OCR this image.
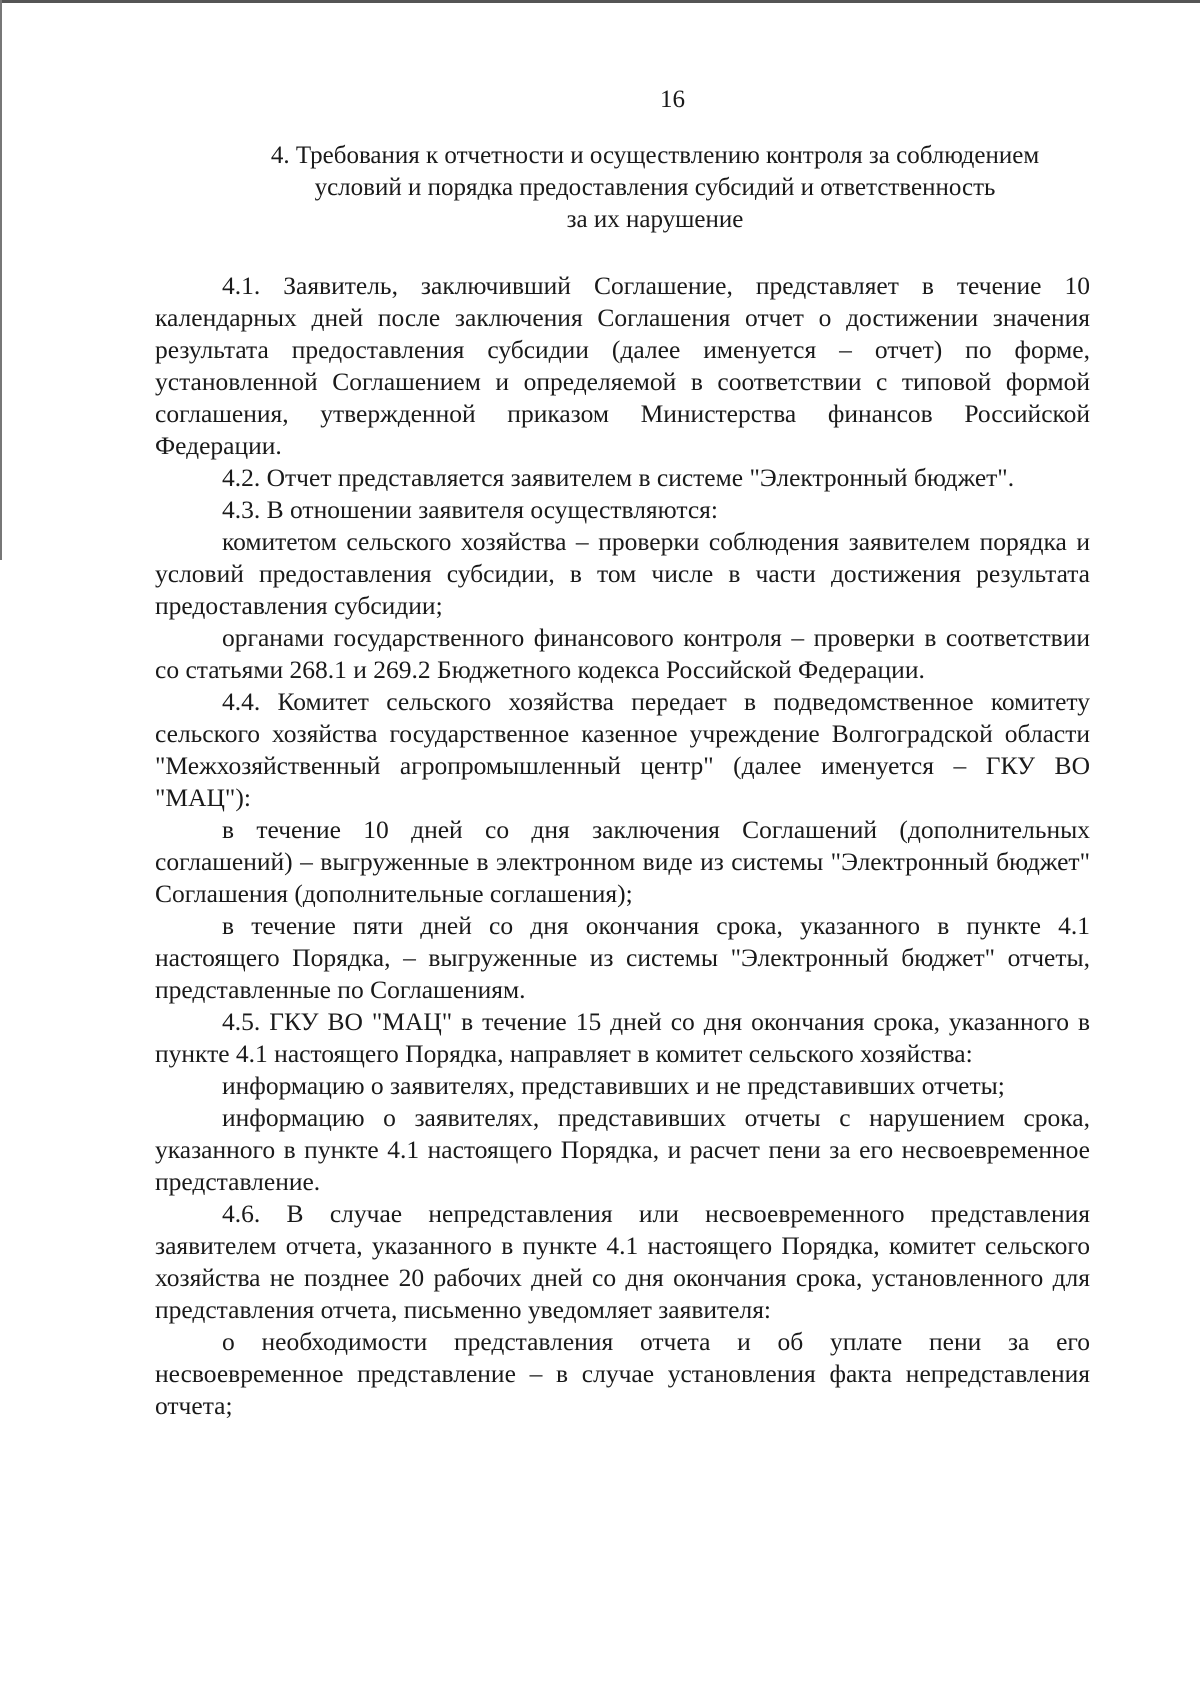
16
4. Требования к отчетности и осуществлению контроля за соблюдением
условий и порядка предоставления субсидий и ответственность
за их нарушение

4.1. Заявитель, заключивший Соглашение, представляет в течение 10 календарных дней после заключения Соглашения отчет о достижении значения результата предоставления субсидии (далее именуется – отчет) по форме, установленной Соглашением и определяемой в соответствии с типовой формой соглашения, утвержденной приказом Министерства финансов Российской Федерации.

4.2. Отчет представляется заявителем в системе "Электронный бюджет".

4.3. В отношении заявителя осуществляются:

комитетом сельского хозяйства – проверки соблюдения заявителем порядка и условий предоставления субсидии, в том числе в части достижения результата предоставления субсидии;

органами государственного финансового контроля – проверки в соответствии со статьями 268.1 и 269.2 Бюджетного кодекса Российской Федерации.

4.4. Комитет сельского хозяйства передает в подведомственное комитету сельского хозяйства государственное казенное учреждение Волгоградской области "Межхозяйственный агропромышленный центр" (далее именуется – ГКУ ВО "МАЦ"):

в течение 10 дней со дня заключения Соглашений (дополнительных соглашений) – выгруженные в электронном виде из системы "Электронный бюджет" Соглашения (дополнительные соглашения);

в течение пяти дней со дня окончания срока, указанного в пункте 4.1 настоящего Порядка, – выгруженные из системы "Электронный бюджет" отчеты, представленные по Соглашениям.

4.5. ГКУ ВО "МАЦ" в течение 15 дней со дня окончания срока, указанного в пункте 4.1 настоящего Порядка, направляет в комитет сельского хозяйства:

информацию о заявителях, представивших и не представивших отчеты;

информацию о заявителях, представивших отчеты с нарушением срока, указанного в пункте 4.1 настоящего Порядка, и расчет пени за его несвоевременное представление.

4.6. В случае непредставления или несвоевременного представления заявителем отчета, указанного в пункте 4.1 настоящего Порядка, комитет сельского хозяйства не позднее 20 рабочих дней со дня окончания срока, установленного для представления отчета, письменно уведомляет заявителя:

о необходимости представления отчета и об уплате пени за его несвоевременное представление – в случае установления факта непредставления отчета;
